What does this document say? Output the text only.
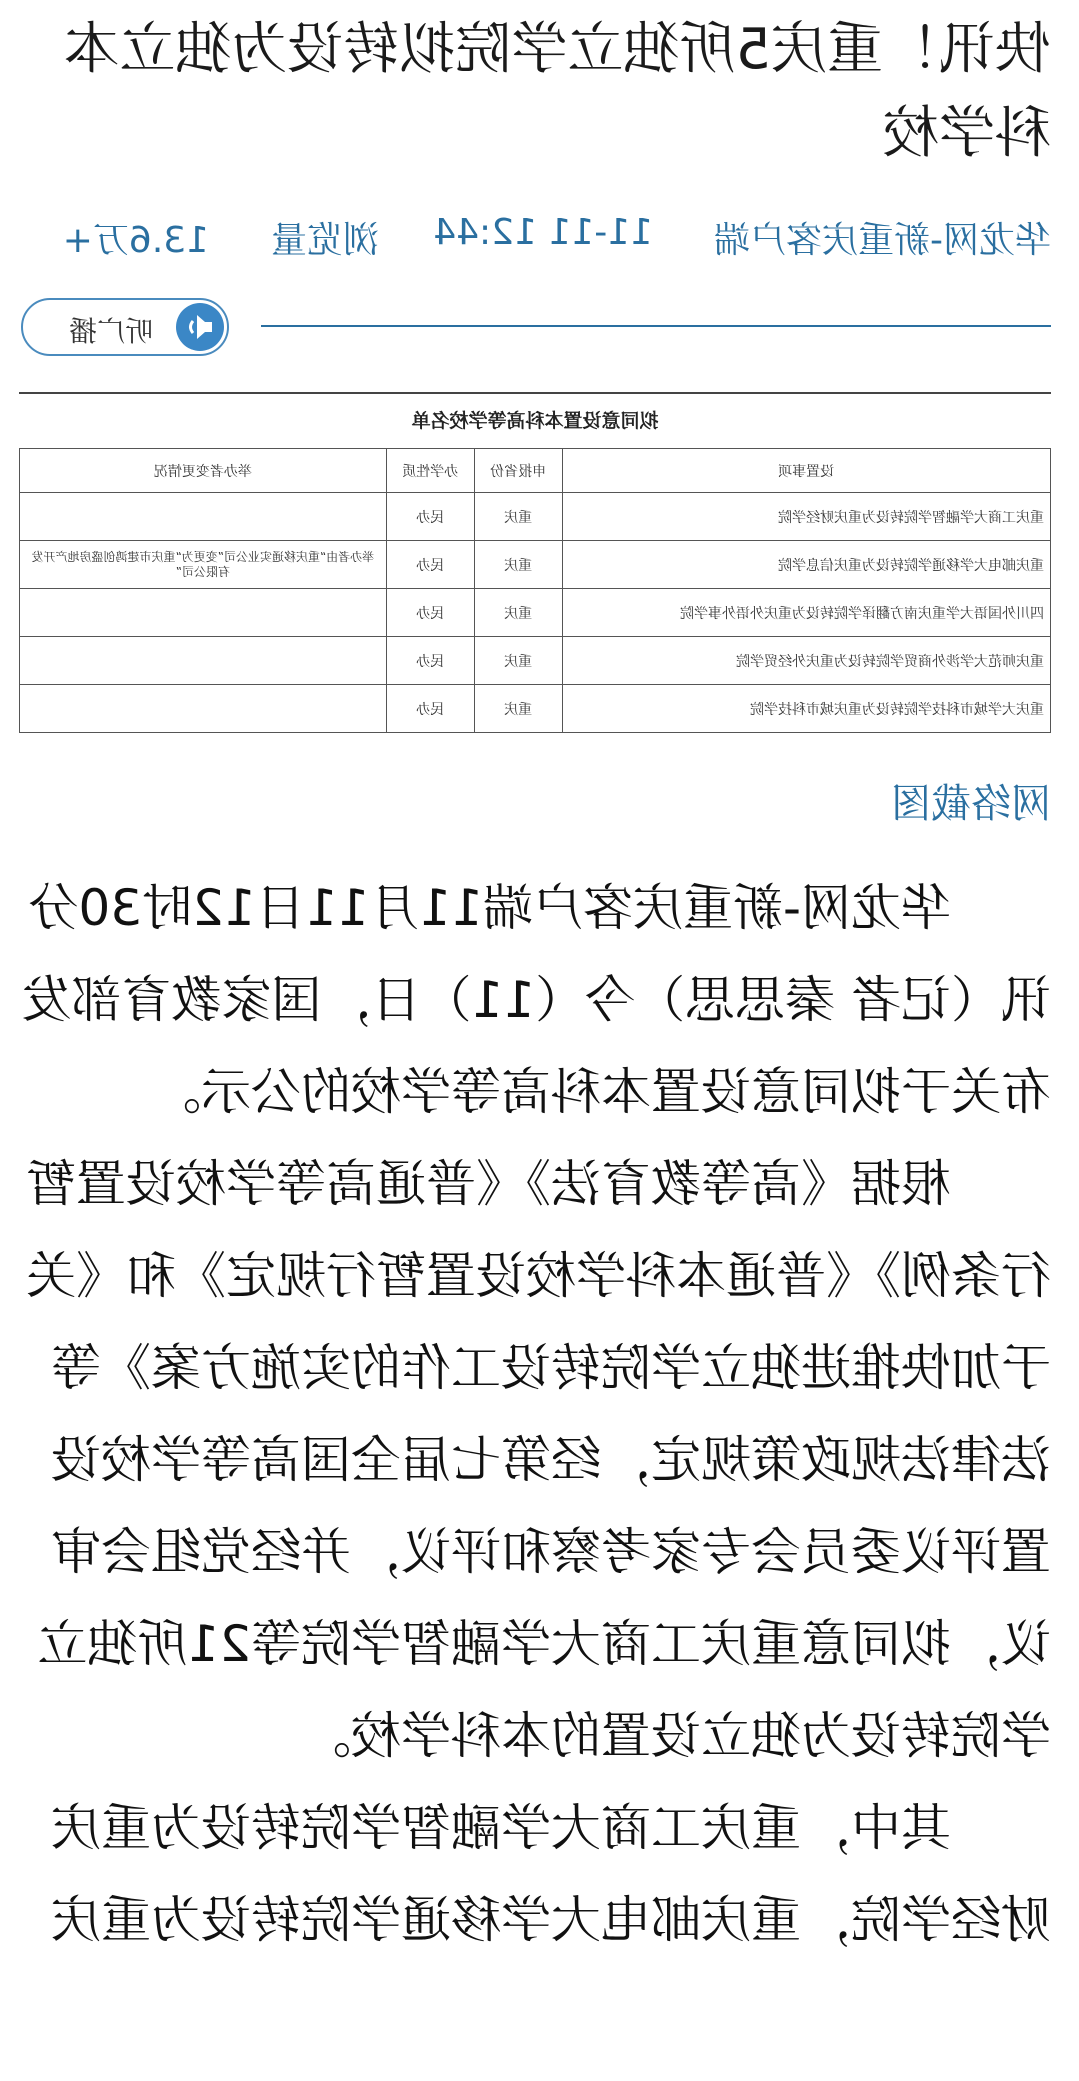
快讯！重庆5所独立学院拟转设为独立本科学校
华龙网-新重庆客户端
11-11 12:44
浏览量
13.6万+
听广播
拟同意设置本科高等学校名单
设置事项	申报省份	办学性质	举办者变更情况
重庆工商大学融智学院转设为重庆财经学院	重庆	民办	
重庆邮电大学移通学院转设为重庆信息学院	重庆	民办	举办者由“重庆移通实业公司”变更为“重庆市建鸿创盛房地产开发有限公司”
四川外国语大学重庆南方翻译学院转设为重庆外语外事学院	重庆	民办	
重庆师范大学涉外商贸学院转设为重庆外经贸学院	重庆	民办	
重庆大学城市科技学院转设为重庆城市科技学院	重庆	民办	
网络截图

华龙网-新重庆客户端11月11日12时30分讯（记者 秦思思）今（11）日，国家教育部发布关于拟同意设置本科高等学校的公示。

根据《高等教育法》《普通高等学校设置暂行条例》《普通本科学校设置暂行规定》和《关于加快推进独立学院转设工作的实施方案》等法律法规政策规定，经第七届全国高等学校设置评议委员会专家考察和评议，并经党组会审议，拟同意重庆工商大学融智学院等21所独立学院转设为独立设置的本科学校。

其中，重庆工商大学融智学院转设为重庆财经学院，重庆邮电大学移通学院转设为重庆
